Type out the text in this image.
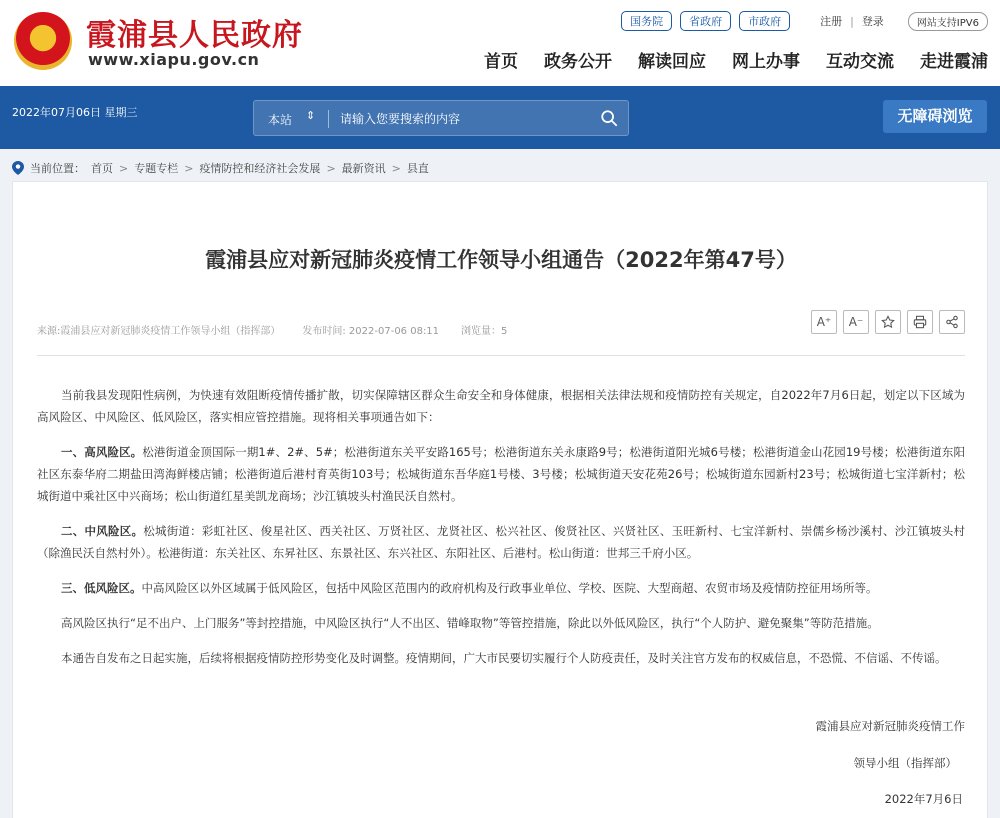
★
霞浦县人民政府
www.xiapu.gov.cn
国务院	省政府	市政府	注册 | 登录	网站支持IPV6
首页 政务公开 解读回应 网上办事 互动交流 走进霞浦
2022年07月06日 星期三
本站 ⇕
请输入您要搜索的内容	无障碍浏览
当前位置： 首页 > 专题专栏 > 疫情防控和经济社会发展 > 最新资讯 > 县直
霞浦县应对新冠肺炎疫情工作领导小组通告（2022年第47号）
来源:霞浦县应对新冠肺炎疫情工作领导小组（指挥部） 发布时间: 2022-07-06 08:11 浏览量：5
A⁺	A⁻

当前我县发现阳性病例，为快速有效阻断疫情传播扩散，切实保障辖区群众生命安全和身体健康，根据相关法律法规和疫情防控有关规定，自2022年7月6日起，划定以下区域为高风险区、中风险区、低风险区，落实相应管控措施。现将相关事项通告如下：

一、高风险区。松港街道金顶国际一期1#、2#、5#；松港街道东关平安路165号；松港街道东关永康路9号；松港街道阳光城6号楼；松港街道金山花园19号楼；松港街道东阳社区东泰华府二期盐田湾海鲜楼店铺；松港街道后港村育英街103号；松城街道东吾华庭1号楼、3号楼；松城街道天安花苑26号；松城街道东园新村23号；松城街道七宝洋新村；松城街道中乘社区中兴商场；松山街道红星美凯龙商场；沙江镇坡头村渔民沃自然村。

二、中风险区。松城街道：彩虹社区、俊星社区、西关社区、万贤社区、龙贤社区、松兴社区、俊贤社区、兴贤社区、玉旺新村、七宝洋新村、崇儒乡杨沙溪村、沙江镇坡头村（除渔民沃自然村外）。松港街道：东关社区、东昇社区、东景社区、东兴社区、东阳社区、后港村。松山街道：世邦三千府小区。

三、低风险区。中高风险区以外区域属于低风险区，包括中风险区范围内的政府机构及行政事业单位、学校、医院、大型商超、农贸市场及疫情防控征用场所等。

高风险区执行“足不出户、上门服务”等封控措施，中风险区执行“人不出区、错峰取物”等管控措施，除此以外低风险区，执行“个人防护、避免聚集”等防范措施。

本通告自发布之日起实施，后续将根据疫情防控形势变化及时调整。疫情期间，广大市民要切实履行个人防疫责任，及时关注官方发布的权威信息，不恐慌、不信谣、不传谣。

霞浦县应对新冠肺炎疫情工作
领导小组（指挥部）
2022年7月6日
